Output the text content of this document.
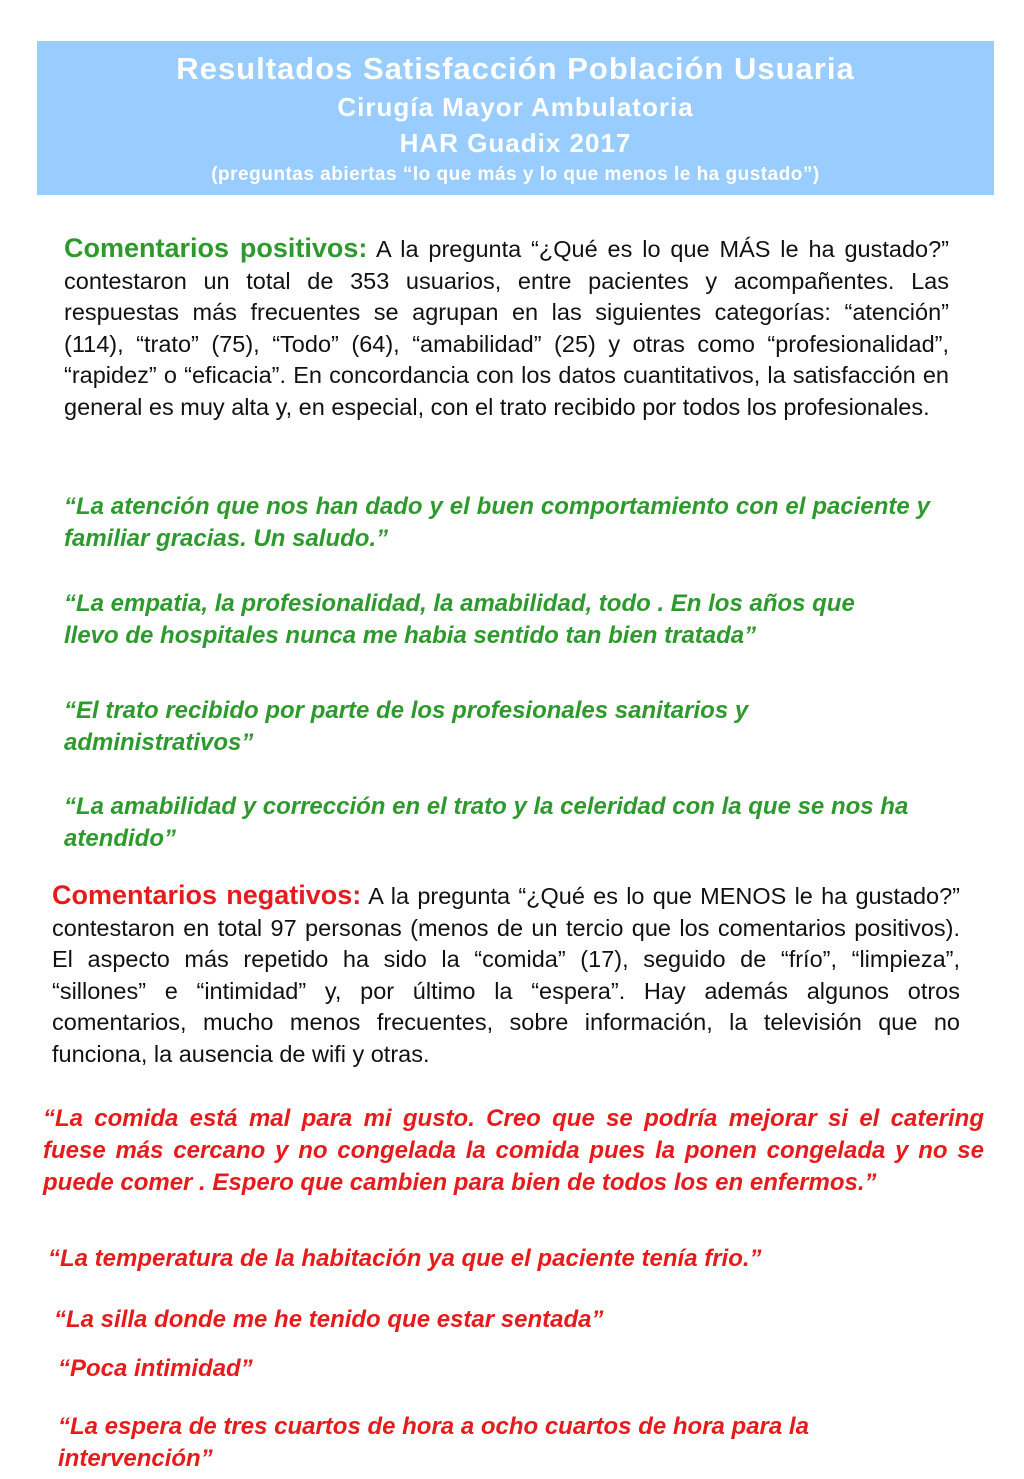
Resultados Satisfacción Población Usuaria
Cirugía Mayor Ambulatoria
HAR Guadix 2017
(preguntas abiertas “lo que más y lo que menos le ha gustado”)

Comentarios positivos: A la pregunta “¿Qué es lo que MÁS le ha gustado?” contestaron un total de 353 usuarios, entre pacientes y acompañentes. Las respuestas más frecuentes se agrupan en las siguientes categorías: “atención” (114), “trato” (75), “Todo” (64), “amabilidad” (25) y otras como “profesionalidad”, “rapidez” o “eficacia”. En concordancia con los datos cuantitativos, la satisfacción en general es muy alta y, en especial, con el trato recibido por todos los profesionales.

“La atención que nos han dado y el buen comportamiento con el paciente y familiar gracias. Un saludo.”

“La empatia, la profesionalidad, la amabilidad, todo . En los años que llevo de hospitales nunca me habia sentido tan bien tratada”

“El trato recibido por parte de los profesionales sanitarios y administrativos”

“La amabilidad y corrección en el trato y la celeridad con la que se nos ha atendido”

Comentarios negativos: A la pregunta “¿Qué es lo que MENOS le ha gustado?” contestaron en total 97 personas (menos de un tercio que los comentarios positivos). El aspecto más repetido ha sido la “comida” (17), seguido de “frío”, “limpieza”, “sillones” e “intimidad” y, por último la “espera”. Hay además algunos otros comentarios, mucho menos frecuentes, sobre información, la televisión que no funciona, la ausencia de wifi y otras.

“La comida está mal para mi gusto. Creo que se podría mejorar si el catering fuese más cercano y no congelada la comida pues la ponen congelada y no se puede comer . Espero que cambien para bien de todos los en enfermos.”

“La temperatura de la habitación ya que el paciente tenía frio.”

“La silla donde me he tenido que estar sentada”

“Poca intimidad”

“La espera de tres cuartos de hora a ocho cuartos de hora para la intervención”
